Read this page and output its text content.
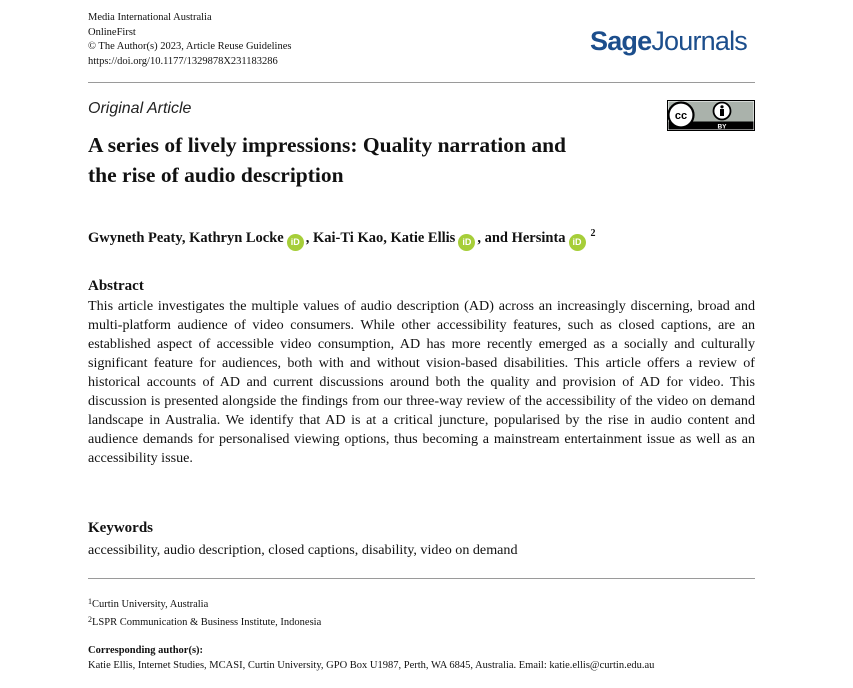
Media International Australia
OnlineFirst
© The Author(s) 2023, Article Reuse Guidelines
https://doi.org/10.1177/1329878X231183286
SageJournals
Original Article	cc
BY
A series of lively impressions: Quality narration and
the rise of audio description
Gwyneth Peaty, Kathryn Locke iD , Kai-Ti Kao, Katie Ellis iD , and Hersinta $iD^2$
Abstract
This article investigates the multiple values of audio description (AD) across an increasingly discerning, broad and multi-platform audience of video consumers. While other accessibility features, such as closed captions, are an established aspect of accessible video consumption, AD has more recently emerged as a socially and culturally significant feature for audiences, both with and without vision-based disabilities. This article offers a review of historical accounts of AD and current discussions around both the quality and provision of AD for video. This discussion is presented alongside the findings from our three-way review of the accessibility of the video on demand landscape in Australia. We identify that AD is at a critical juncture, popularised by the rise in audio content and audience demands for personalised viewing options, thus becoming a mainstream entertainment issue as well as an accessibility issue.
Keywords
accessibility, audio description, closed captions, disability, video on demand
$^1$Curtin University, Australia
$^2$LSPR Communication & Business Institute, Indonesia
Corresponding author(s):
Katie Ellis, Internet Studies, MCASI, Curtin University, GPO Box U1987, Perth, WA 6845, Australia. Email: katie.ellis@curtin.edu.au
